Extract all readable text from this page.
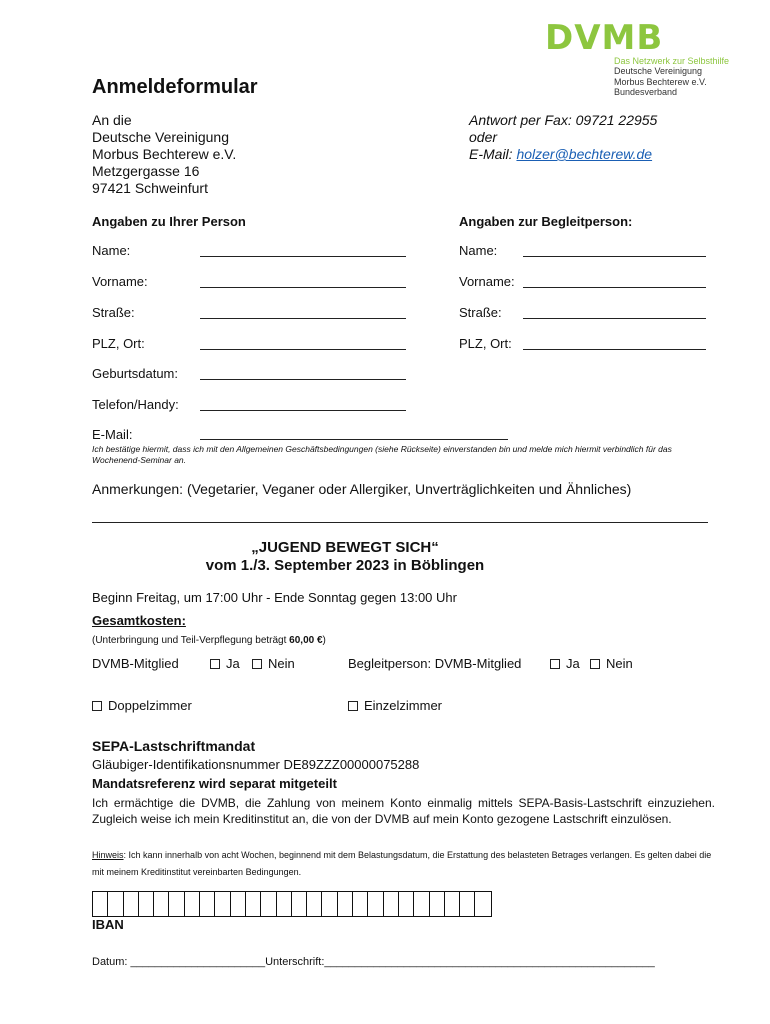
DVMB
Das Netzwerk zur Selbsthilfe
Deutsche Vereinigung
Morbus Bechterew e.V.
Bundesverband
Anmeldeformular
An die
Deutsche Vereinigung
Morbus Bechterew e.V.
Metzgergasse 16
97421 Schweinfurt
Antwort per Fax: 09721 22955
oder
E-Mail: holzer@bechterew.de
Angaben zu Ihrer Person	Angaben zur Begleitperson:
Name:
Vorname:
Straße:
PLZ, Ort:
Geburtsdatum:
Telefon/Handy:
E-Mail:
Name:
Vorname:
Straße:
PLZ, Ort:
Ich bestätige hiermit, dass ich mit den Allgemeinen Geschäftsbedingungen (siehe Rückseite) einverstanden bin und melde mich hiermit verbindlich für das Wochenend-Seminar an.
Anmerkungen: (Vegetarier, Veganer oder Allergiker, Unverträglichkeiten und Ähnliches)
„JUGEND BEWEGT SICH“
vom 1./3. September 2023 in Böblingen
Beginn Freitag, um 17:00 Uhr - Ende Sonntag gegen 13:00 Uhr
Gesamtkosten:
(Unterbringung und Teil-Verpflegung beträgt 60,00 €)
DVMB-Mitglied	Ja	Nein	Begleitperson: DVMB-Mitglied	Ja	Nein
Doppelzimmer	Einzelzimmer
SEPA-Lastschriftmandat
Gläubiger-Identifikationsnummer DE89ZZZ00000075288
Mandatsreferenz wird separat mitgeteilt
Ich ermächtige die DVMB, die Zahlung von meinem Konto einmalig mittels SEPA-Basis-Lastschrift einzuziehen. Zugleich weise ich mein Kreditinstitut an, die von der DVMB auf mein Konto gezogene Lastschrift einzulösen.
Hinweis: Ich kann innerhalb von acht Wochen, beginnend mit dem Belastungsdatum, die Erstattung des belasteten Betrages verlangen. Es gelten dabei die mit meinem Kreditinstitut vereinbarten Bedingungen.
IBAN
Datum: ______________________Unterschrift:______________________________________________________
